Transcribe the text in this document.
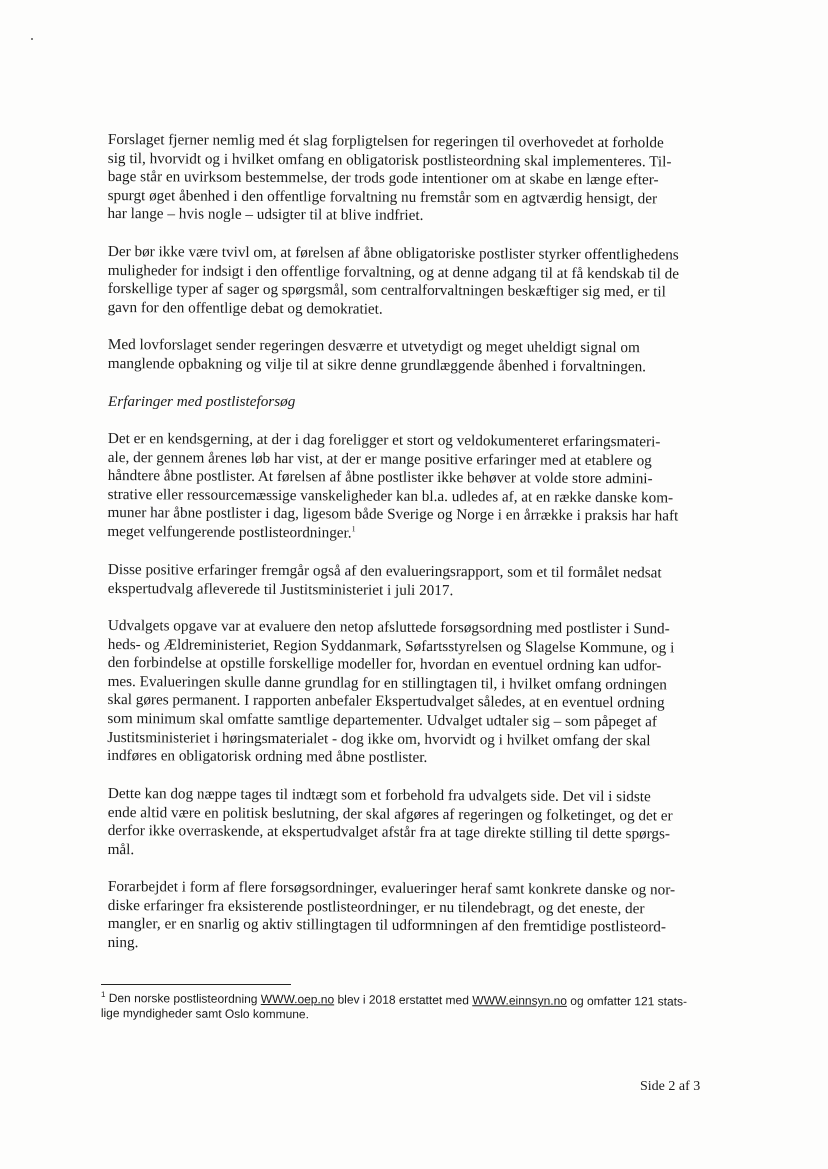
Forslaget fjerner nemlig med ét slag forpligtelsen for regeringen til overhovedet at forholde
sig til, hvorvidt og i hvilket omfang en obligatorisk postlisteordning skal implementeres. Til-
bage står en uvirksom bestemmelse, der trods gode intentioner om at skabe en længe efter-
spurgt øget åbenhed i den offentlige forvaltning nu fremstår som en agtværdig hensigt, der
har lange – hvis nogle – udsigter til at blive indfriet.

Der bør ikke være tvivl om, at førelsen af åbne obligatoriske postlister styrker offentlighedens
muligheder for indsigt i den offentlige forvaltning, og at denne adgang til at få kendskab til de
forskellige typer af sager og spørgsmål, som centralforvaltningen beskæftiger sig med, er til
gavn for den offentlige debat og demokratiet.

Med lovforslaget sender regeringen desværre et utvetydigt og meget uheldigt signal om
manglende opbakning og vilje til at sikre denne grundlæggende åbenhed i forvaltningen.

Erfaringer med postlisteforsøg

Det er en kendsgerning, at der i dag foreligger et stort og veldokumenteret erfaringsmateri-
ale, der gennem årenes løb har vist, at der er mange positive erfaringer med at etablere og
håndtere åbne postlister. At førelsen af åbne postlister ikke behøver at volde store admini-
strative eller ressourcemæssige vanskeligheder kan bl.a. udledes af, at en række danske kom-
muner har åbne postlister i dag, ligesom både Sverige og Norge i en årrække i praksis har haft
meget velfungerende postlisteordninger.$^1$

Disse positive erfaringer fremgår også af den evalueringsrapport, som et til formålet nedsat
ekspertudvalg afleverede til Justitsministeriet i juli 2017.

Udvalgets opgave var at evaluere den netop afsluttede forsøgsordning med postlister i Sund-
heds- og Ældreministeriet, Region Syddanmark, Søfartsstyrelsen og Slagelse Kommune, og i
den forbindelse at opstille forskellige modeller for, hvordan en eventuel ordning kan udfor-
mes. Evalueringen skulle danne grundlag for en stillingtagen til, i hvilket omfang ordningen
skal gøres permanent. I rapporten anbefaler Ekspertudvalget således, at en eventuel ordning
som minimum skal omfatte samtlige departementer. Udvalget udtaler sig – som påpeget af
Justitsministeriet i høringsmaterialet - dog ikke om, hvorvidt og i hvilket omfang der skal
indføres en obligatorisk ordning med åbne postlister.

Dette kan dog næppe tages til indtægt som et forbehold fra udvalgets side. Det vil i sidste
ende altid være en politisk beslutning, der skal afgøres af regeringen og folketinget, og det er
derfor ikke overraskende, at ekspertudvalget afstår fra at tage direkte stilling til dette spørgs-
mål.

Forarbejdet i form af flere forsøgsordninger, evalueringer heraf samt konkrete danske og nor-
diske erfaringer fra eksisterende postlisteordninger, er nu tilendebragt, og det eneste, der
mangler, er en snarlig og aktiv stillingtagen til udformningen af den fremtidige postlisteord-
ning.

$^1$ Den norske postlisteordning WWW.oep.no blev i 2018 erstattet med WWW.einnsyn.no og omfatter 121 stats-
lige myndigheder samt Oslo kommune.
Side 2 af 3
